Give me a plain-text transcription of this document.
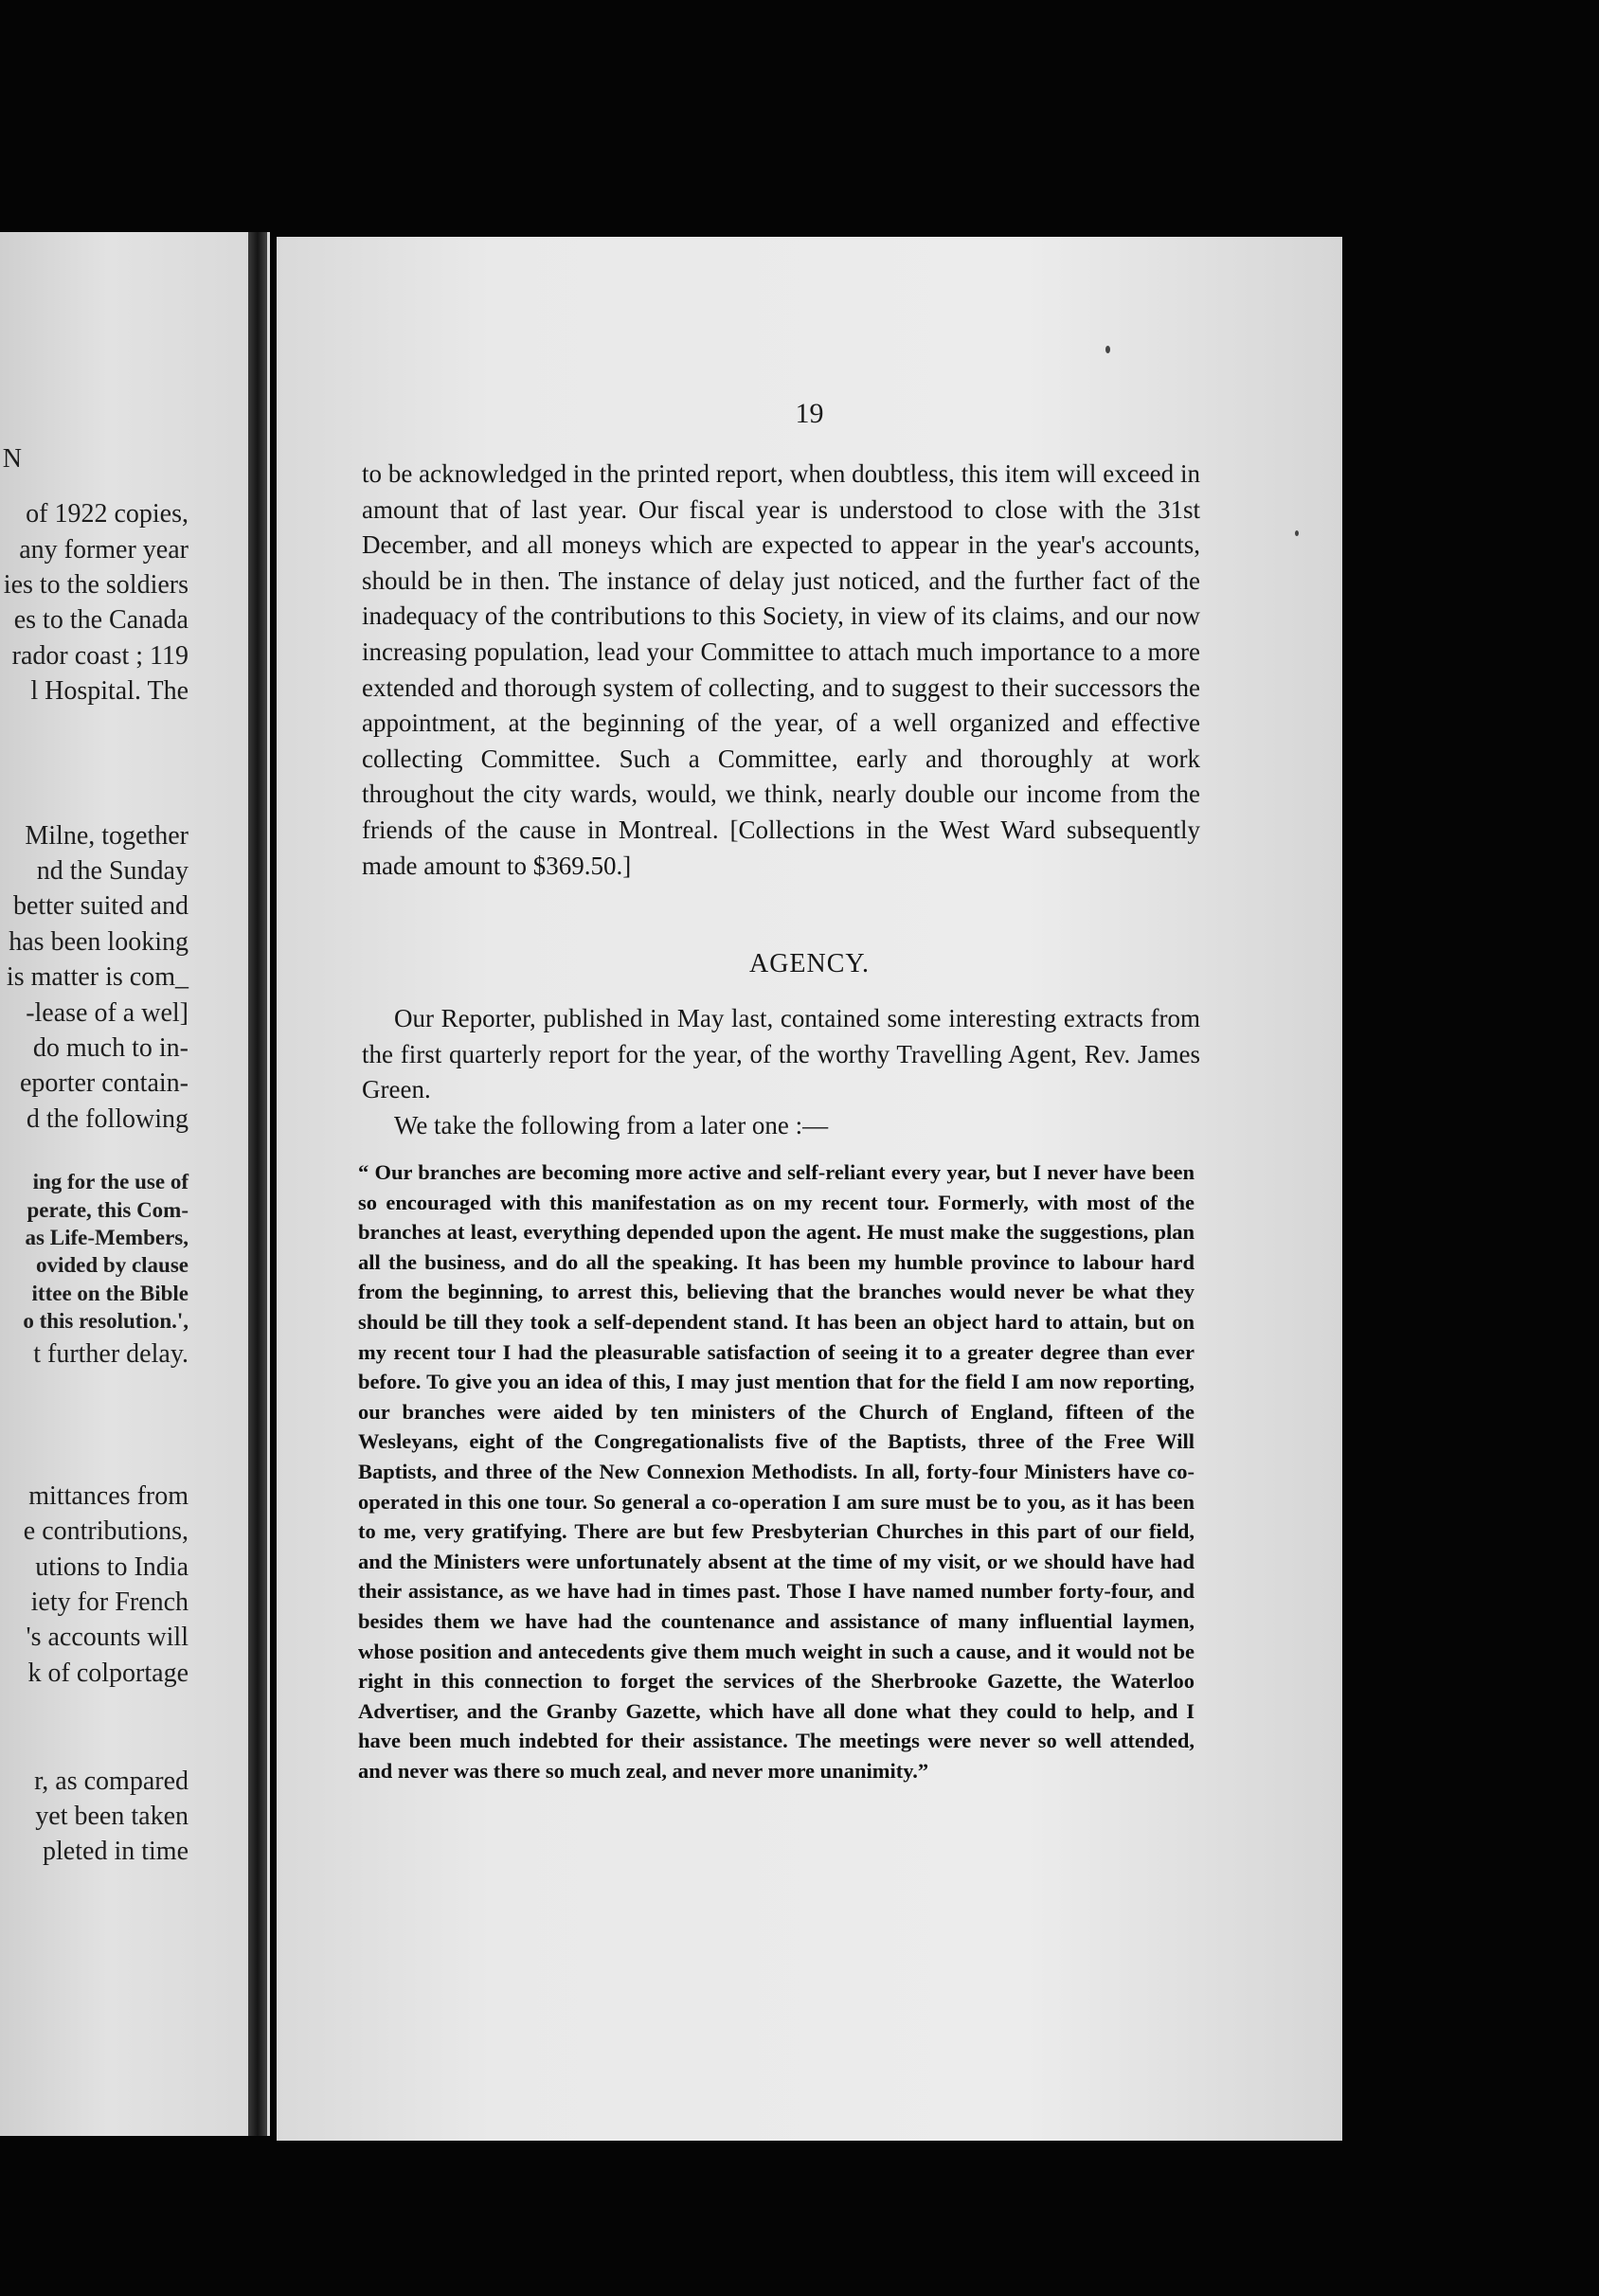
N
of 1922 copies,
any former year
ies to the soldiers
es to the Canada
rador coast ; 119
l Hospital. The
Milne, together
nd the Sunday
better suited and
has been looking
is matter is com_
-lease of a wel]
do much to in-
eporter contain-
d the following
ing for the use of
perate, this Com-
as Life-Members,
ovided by clause
ittee on the Bible
o this resolution.',
t further delay.
mittances from
e contributions,
utions to India
iety for French
's accounts will
k of colportage
r, as compared
yet been taken
pleted in time
19
to be acknowledged in the printed report, when doubtless, this item will exceed in amount that of last year. Our fiscal year is understood to close with the 31st December, and all moneys which are expected to appear in the year's accounts, should be in then. The instance of delay just noticed, and the further fact of the inadequacy of the contributions to this Society, in view of its claims, and our now increasing population, lead your Committee to attach much importance to a more extended and thorough system of collecting, and to suggest to their successors the appointment, at the beginning of the year, of a well organized and effective collecting Committee. Such a Committee, early and thoroughly at work throughout the city wards, would, we think, nearly double our income from the friends of the cause in Montreal. [Collections in the West Ward subsequently made amount to $369.50.]
AGENCY.
Our Reporter, published in May last, contained some interesting extracts from the first quarterly report for the year, of the worthy Travelling Agent, Rev. James Green.
We take the following from a later one :—
“ Our branches are becoming more active and self-reliant every year, but I never have been so encouraged with this manifestation as on my recent tour. Formerly, with most of the branches at least, everything depended upon the agent. He must make the suggestions, plan all the business, and do all the speaking. It has been my humble province to labour hard from the beginning, to arrest this, believing that the branches would never be what they should be till they took a self-dependent stand. It has been an object hard to attain, but on my recent tour I had the pleasurable satisfaction of seeing it to a greater degree than ever before. To give you an idea of this, I may just mention that for the field I am now reporting, our branches were aided by ten ministers of the Church of England, fifteen of the Wesleyans, eight of the Congregationalists five of the Baptists, three of the Free Will Baptists, and three of the New Connexion Methodists. In all, forty-four Ministers have co-operated in this one tour. So general a co-operation I am sure must be to you, as it has been to me, very gratifying. There are but few Presbyterian Churches in this part of our field, and the Ministers were unfortunately absent at the time of my visit, or we should have had their assistance, as we have had in times past. Those I have named number forty-four, and besides them we have had the countenance and assistance of many influential laymen, whose position and antecedents give them much weight in such a cause, and it would not be right in this connection to forget the services of the Sherbrooke Gazette, the Waterloo Advertiser, and the Granby Gazette, which have all done what they could to help, and I have been much indebted for their assistance. The meetings were never so well attended, and never was there so much zeal, and never more unanimity.”
